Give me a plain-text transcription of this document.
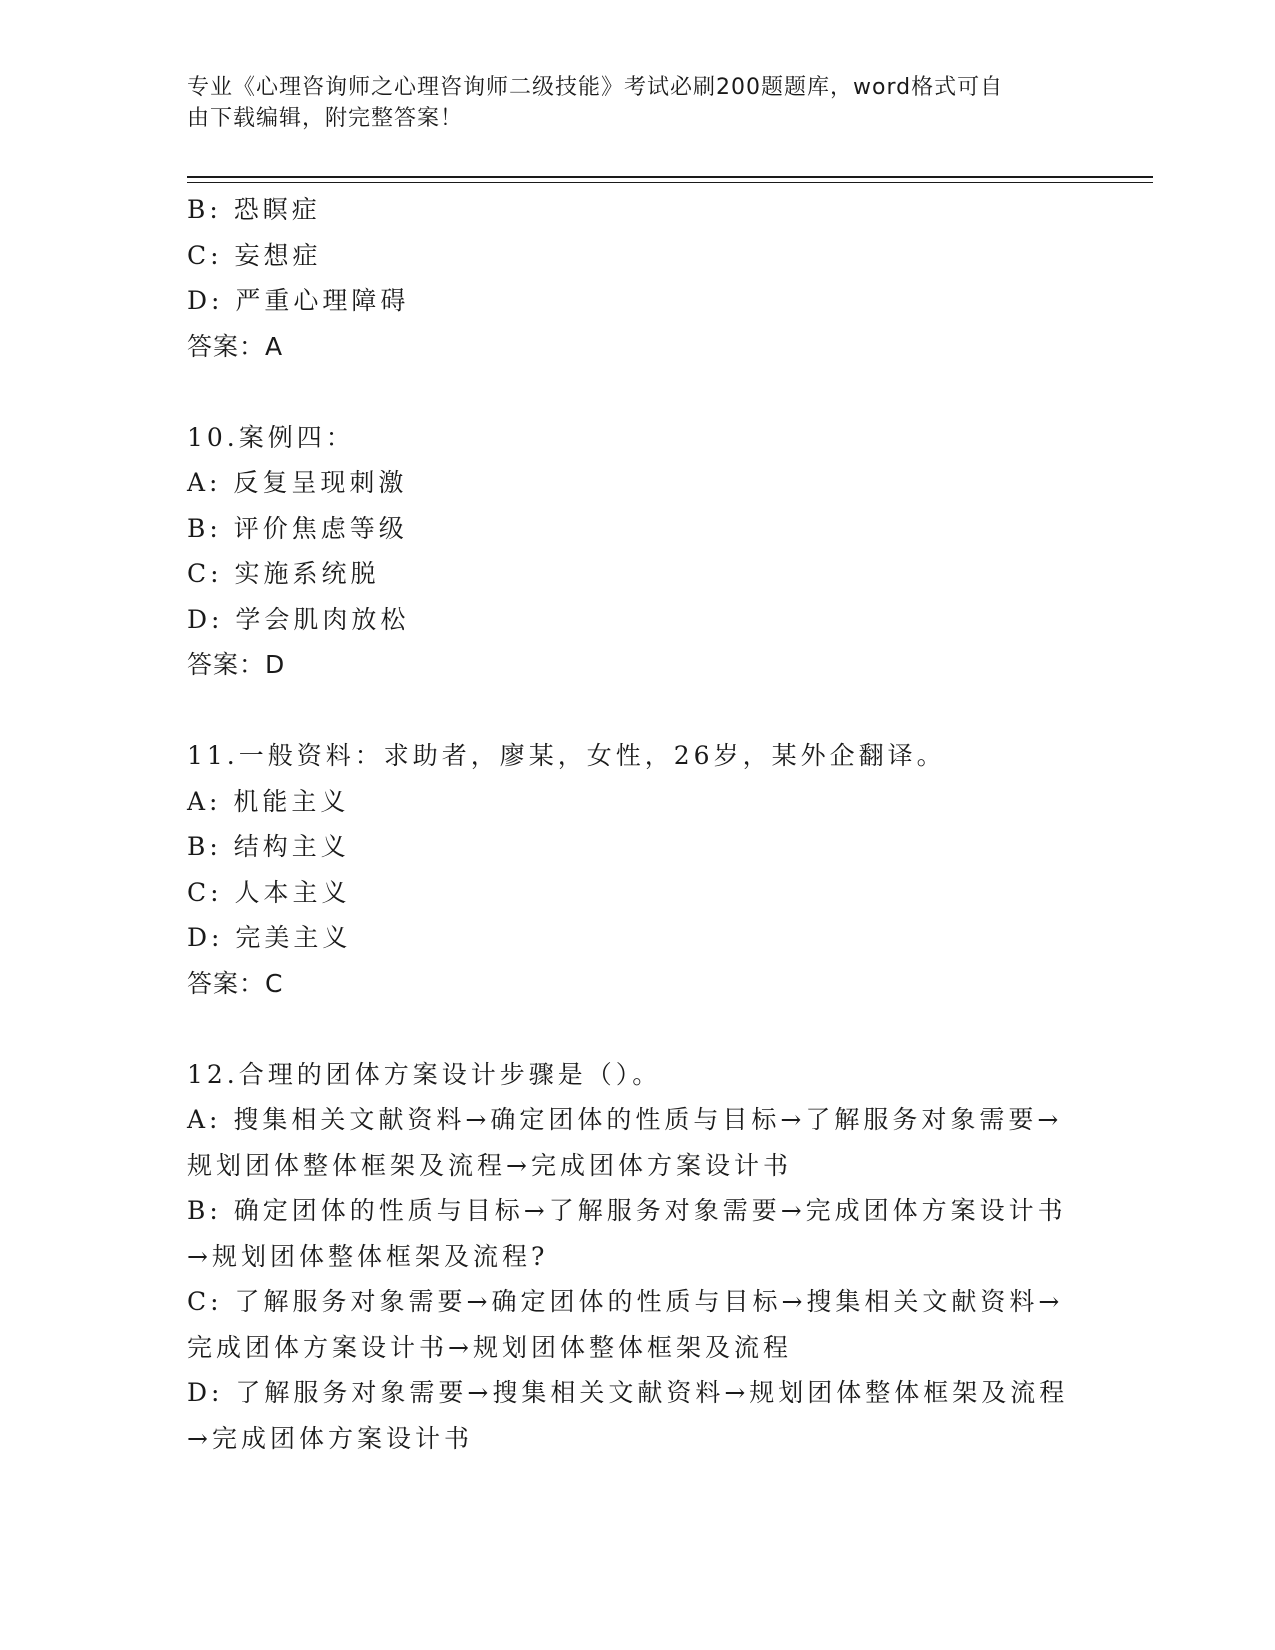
专业《心理咨询师之心理咨询师二级技能》考试必刷200题题库，word格式可自
由下载编辑，附完整答案！
B: 恐瞑症
C: 妄想症
D: 严重心理障碍
答案：A
10.案例四：
A: 反复呈现刺激
B: 评价焦虑等级
C: 实施系统脱
D: 学会肌肉放松
答案：D
11.一般资料：求助者，廖某，女性，26岁，某外企翻译。
A: 机能主义
B: 结构主义
C: 人本主义
D: 完美主义
答案：C
12.合理的团体方案设计步骤是（）。
A: 搜集相关文献资料→确定团体的性质与目标→了解服务对象需要→
规划团体整体框架及流程→完成团体方案设计书
B: 确定团体的性质与目标→了解服务对象需要→完成团体方案设计书
→规划团体整体框架及流程?
C: 了解服务对象需要→确定团体的性质与目标→搜集相关文献资料→
完成团体方案设计书→规划团体整体框架及流程
D: 了解服务对象需要→搜集相关文献资料→规划团体整体框架及流程
→完成团体方案设计书
